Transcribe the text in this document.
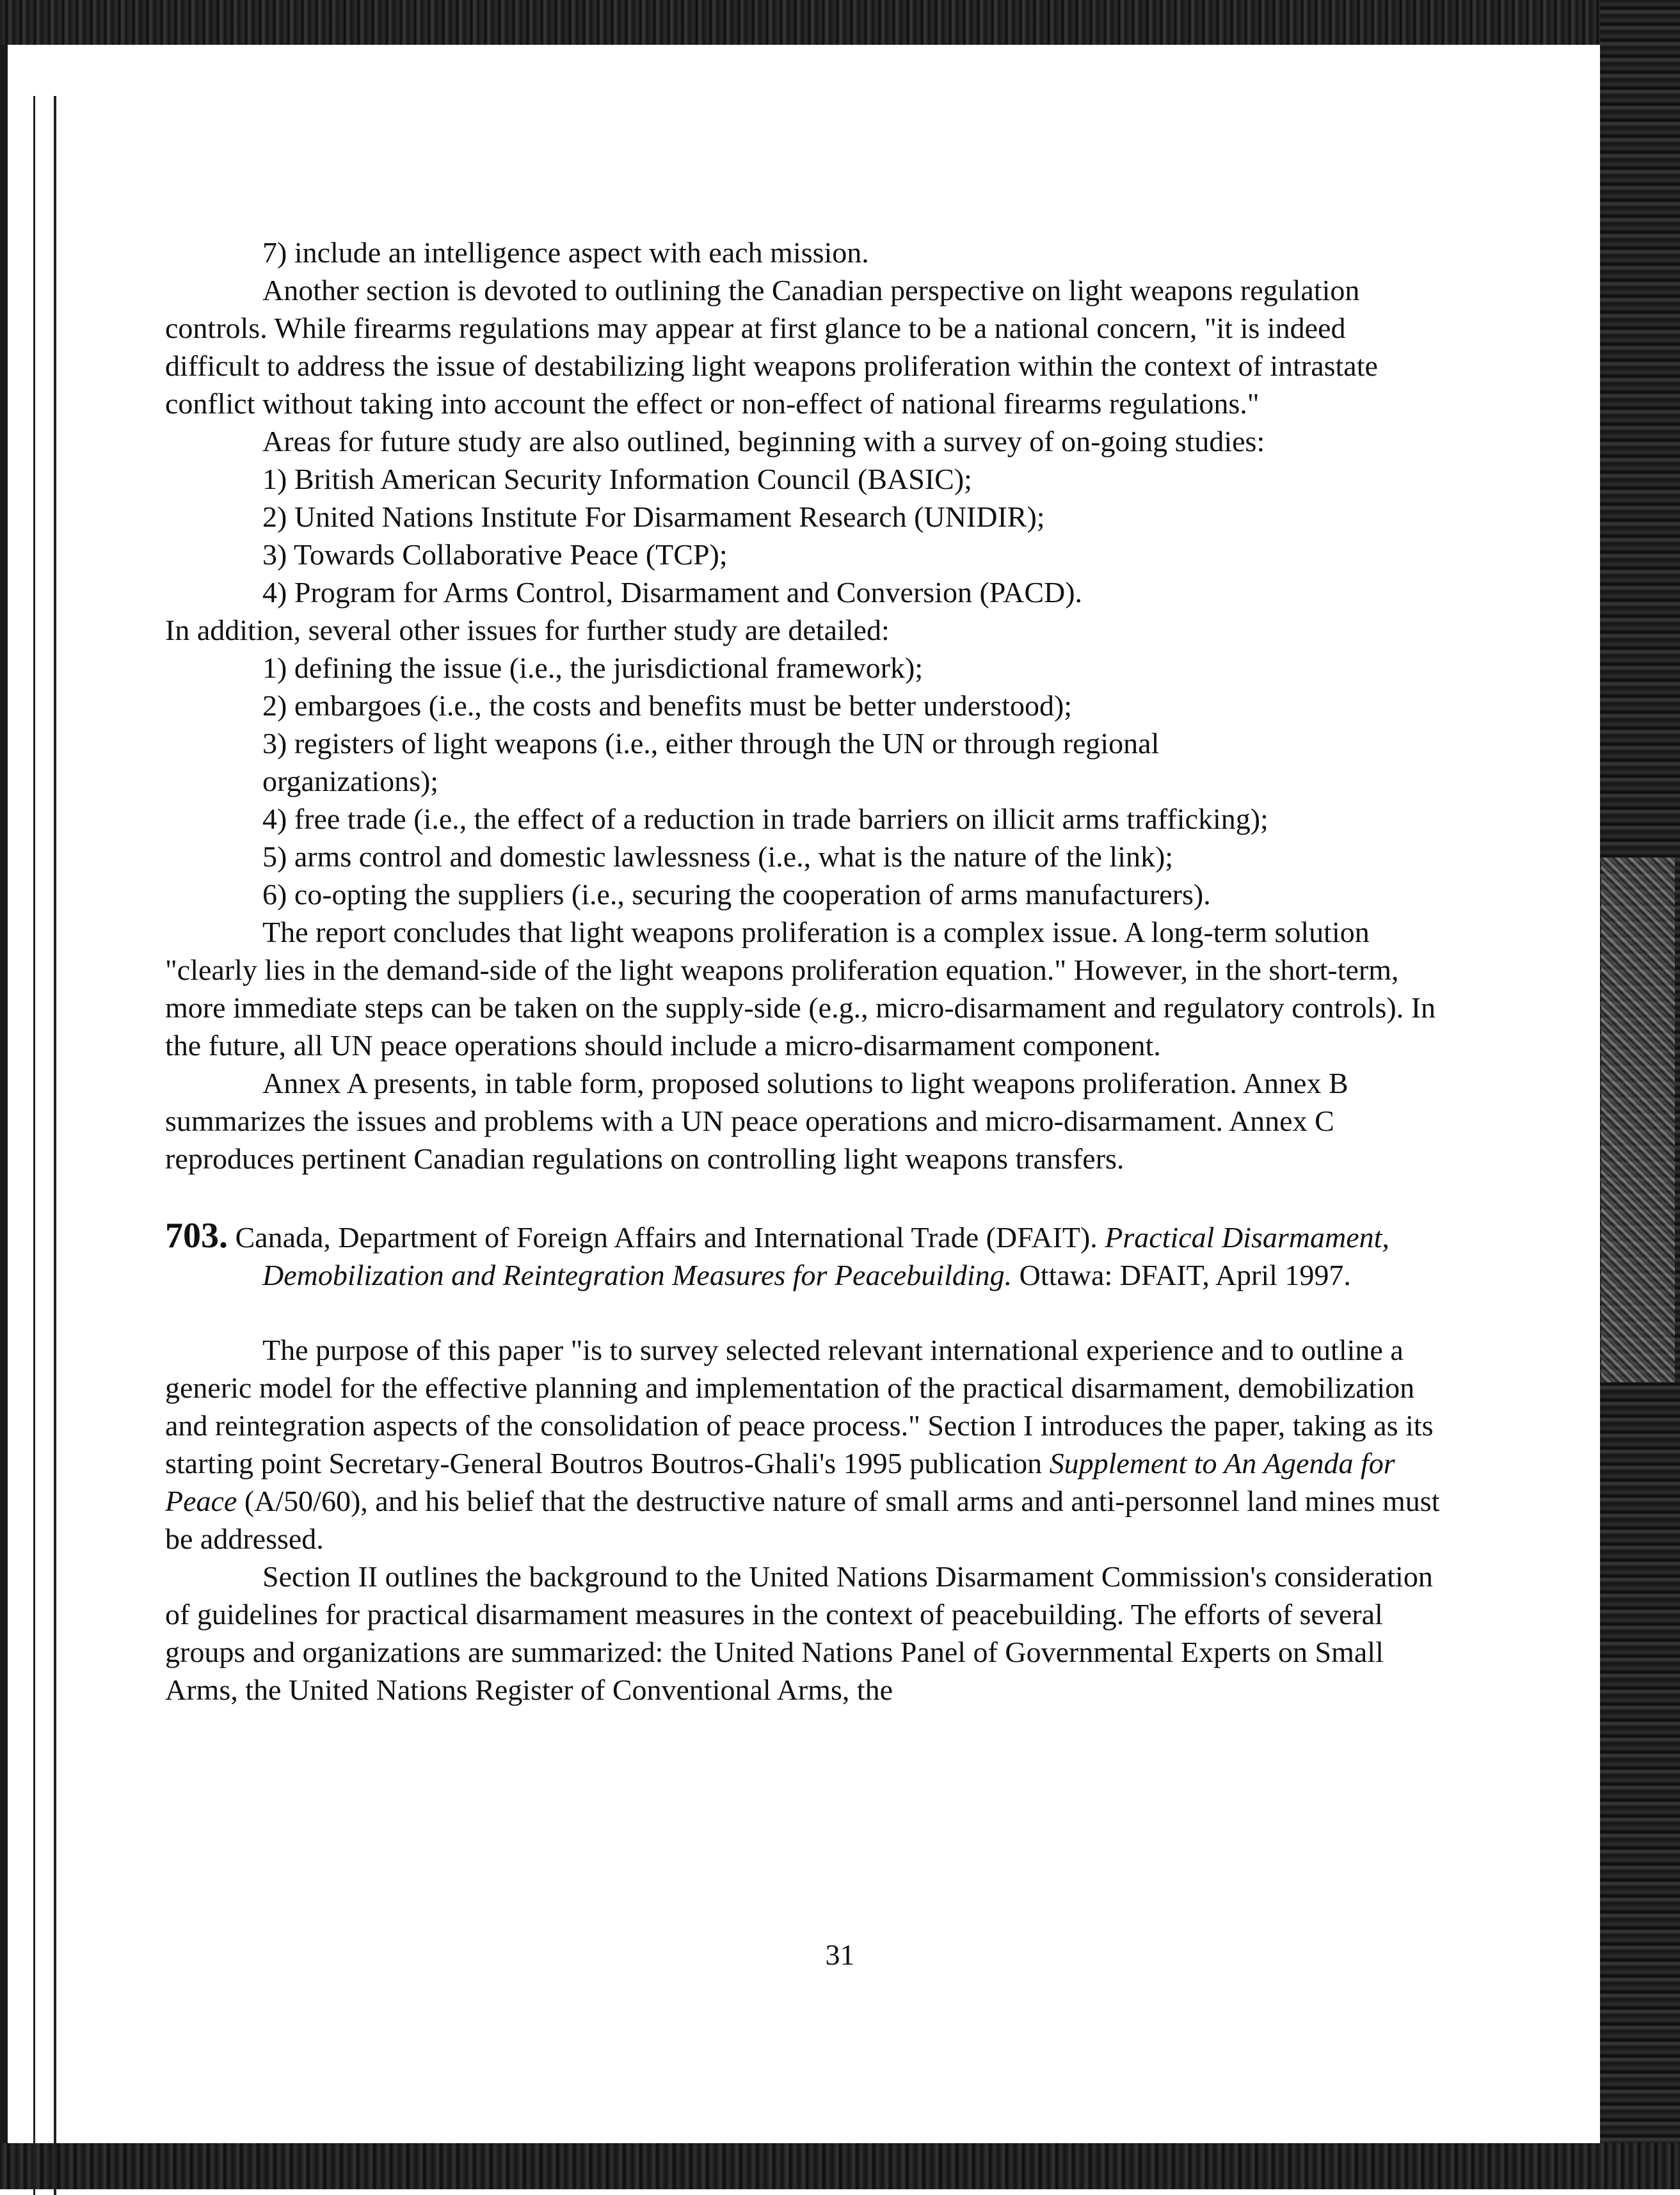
7) include an intelligence aspect with each mission.

Another section is devoted to outlining the Canadian perspective on light weapons regulation controls. While firearms regulations may appear at first glance to be a national concern, "it is indeed difficult to address the issue of destabilizing light weapons proliferation within the context of intrastate conflict without taking into account the effect or non-effect of national firearms regulations."

Areas for future study are also outlined, beginning with a survey of on-going studies:

1) British American Security Information Council (BASIC);

2) United Nations Institute For Disarmament Research (UNIDIR);

3) Towards Collaborative Peace (TCP);

4) Program for Arms Control, Disarmament and Conversion (PACD).

In addition, several other issues for further study are detailed:

1) defining the issue (i.e., the jurisdictional framework);

2) embargoes (i.e., the costs and benefits must be better understood);

3) registers of light weapons (i.e., either through the UN or through regional organizations);

4) free trade (i.e., the effect of a reduction in trade barriers on illicit arms trafficking);

5) arms control and domestic lawlessness (i.e., what is the nature of the link);

6) co-opting the suppliers (i.e., securing the cooperation of arms manufacturers).

The report concludes that light weapons proliferation is a complex issue. A long-term solution "clearly lies in the demand-side of the light weapons proliferation equation." However, in the short-term, more immediate steps can be taken on the supply-side (e.g., micro-disarmament and regulatory controls). In the future, all UN peace operations should include a micro-disarmament component.

Annex A presents, in table form, proposed solutions to light weapons proliferation. Annex B summarizes the issues and problems with a UN peace operations and micro-disarmament. Annex C reproduces pertinent Canadian regulations on controlling light weapons transfers.

703. Canada, Department of Foreign Affairs and International Trade (DFAIT). Practical Disarmament, Demobilization and Reintegration Measures for Peacebuilding. Ottawa: DFAIT, April 1997.

The purpose of this paper "is to survey selected relevant international experience and to outline a generic model for the effective planning and implementation of the practical disarmament, demobilization and reintegration aspects of the consolidation of peace process." Section I introduces the paper, taking as its starting point Secretary-General Boutros Boutros-Ghali's 1995 publication Supplement to An Agenda for Peace (A/50/60), and his belief that the destructive nature of small arms and anti-personnel land mines must be addressed.

Section II outlines the background to the United Nations Disarmament Commission's consideration of guidelines for practical disarmament measures in the context of peacebuilding. The efforts of several groups and organizations are summarized: the United Nations Panel of Governmental Experts on Small Arms, the United Nations Register of Conventional Arms, the

31
